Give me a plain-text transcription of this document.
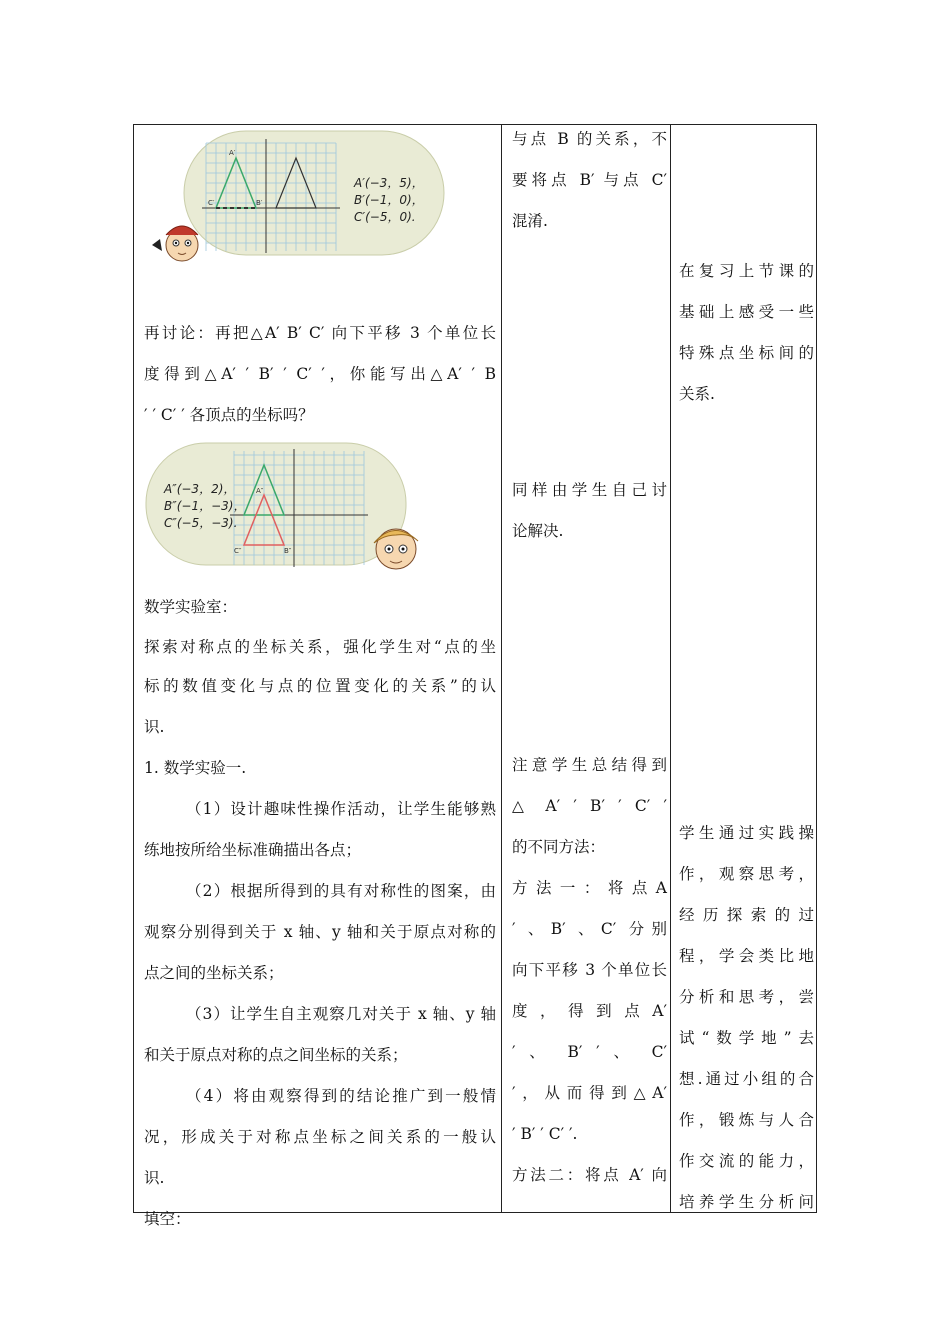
A′
B′
C′
A′(−3，5)，
B′(−1，0)，
C′(−5，0).

再讨论：再把△A′ B′ C′ 向下平移 3 个单位长

度得到△A′ ′ B′ ′ C′ ′，你能写出△A′ ′ B

′ ′ C′ ′ 各顶点的坐标吗？

A″(−3，2)，
B″(−1，−3)，
C″(−5，−3).
A″
B″
C″

数学实验室：

探索对称点的坐标关系，强化学生对“点的坐

标的数值变化与点的位置变化的关系”的认

识.

1. 数学实验一.

（1）设计趣味性操作活动，让学生能够熟

练地按所给坐标准确描出各点；

（2）根据所得到的具有对称性的图案，由

观察分别得到关于 x 轴、y 轴和关于原点对称的

点之间的坐标关系；

（3）让学生自主观察几对关于 x 轴、y 轴

和关于原点对称的点之间坐标的关系；

（4）将由观察得到的结论推广到一般情

况，形成关于对称点坐标之间关系的一般认

识.

填空：

与点 B 的关系，不

要将点 B′ 与点 C′

混淆.

同样由学生自己讨

论解决.

注意学生总结得到

△ A′ ′ B′ ′ C′ ′

的不同方法：

方 法 一 ： 将 点 A

′ 、B′ 、C′ 分别

向下平移 3 个单位长

度 ， 得 到 点 A′

′ 、 B′ ′ 、 C′

′，从而得到△A′

′ B′ ′ C′ ′.

方法二：将点 A′ 向

在复习上节课的

基础上感受一些

特殊点坐标间的

关系.

学生通过实践操

作，观察思考，

经 历 探 索 的 过

程，学会类比地

分析和思考，尝

试“数学地”去

想.通过小组的合

作，锻炼与人合

作交流的能力，

培养学生分析问
